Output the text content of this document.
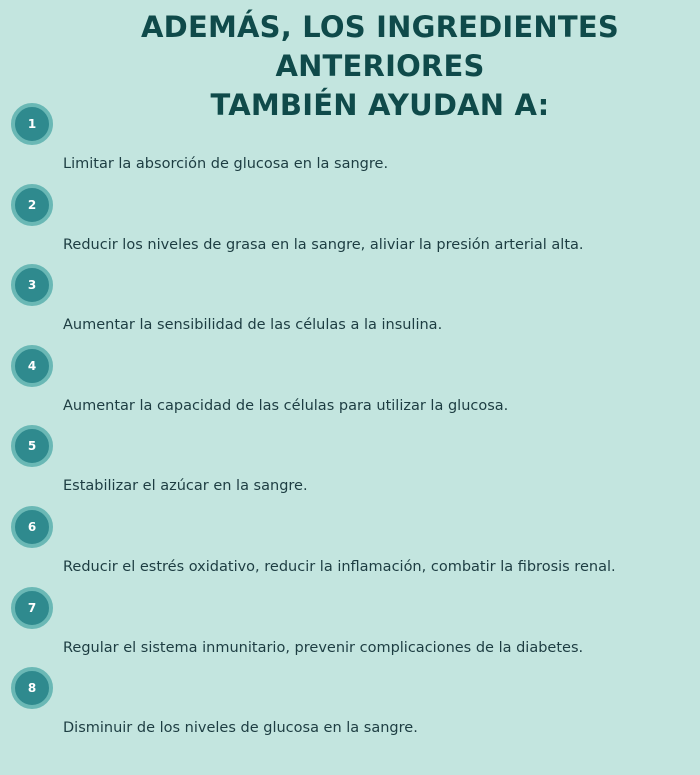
ADEMÁS, LOS INGREDIENTES ANTERIORES
TAMBIÉN AYUDAN A:
1
Limitar la absorción de glucosa en la sangre.
2
Reducir los niveles de grasa en la sangre, aliviar la presión arterial alta.
3
Aumentar la sensibilidad de las células a la insulina.
4
Aumentar la capacidad de las células para utilizar la glucosa.
5
Estabilizar el azúcar en la sangre.
6
Reducir el estrés oxidativo, reducir la inflamación, combatir la fibrosis renal.
7
Regular el sistema inmunitario, prevenir complicaciones de la diabetes.
8
Disminuir de los niveles de glucosa en la sangre.
